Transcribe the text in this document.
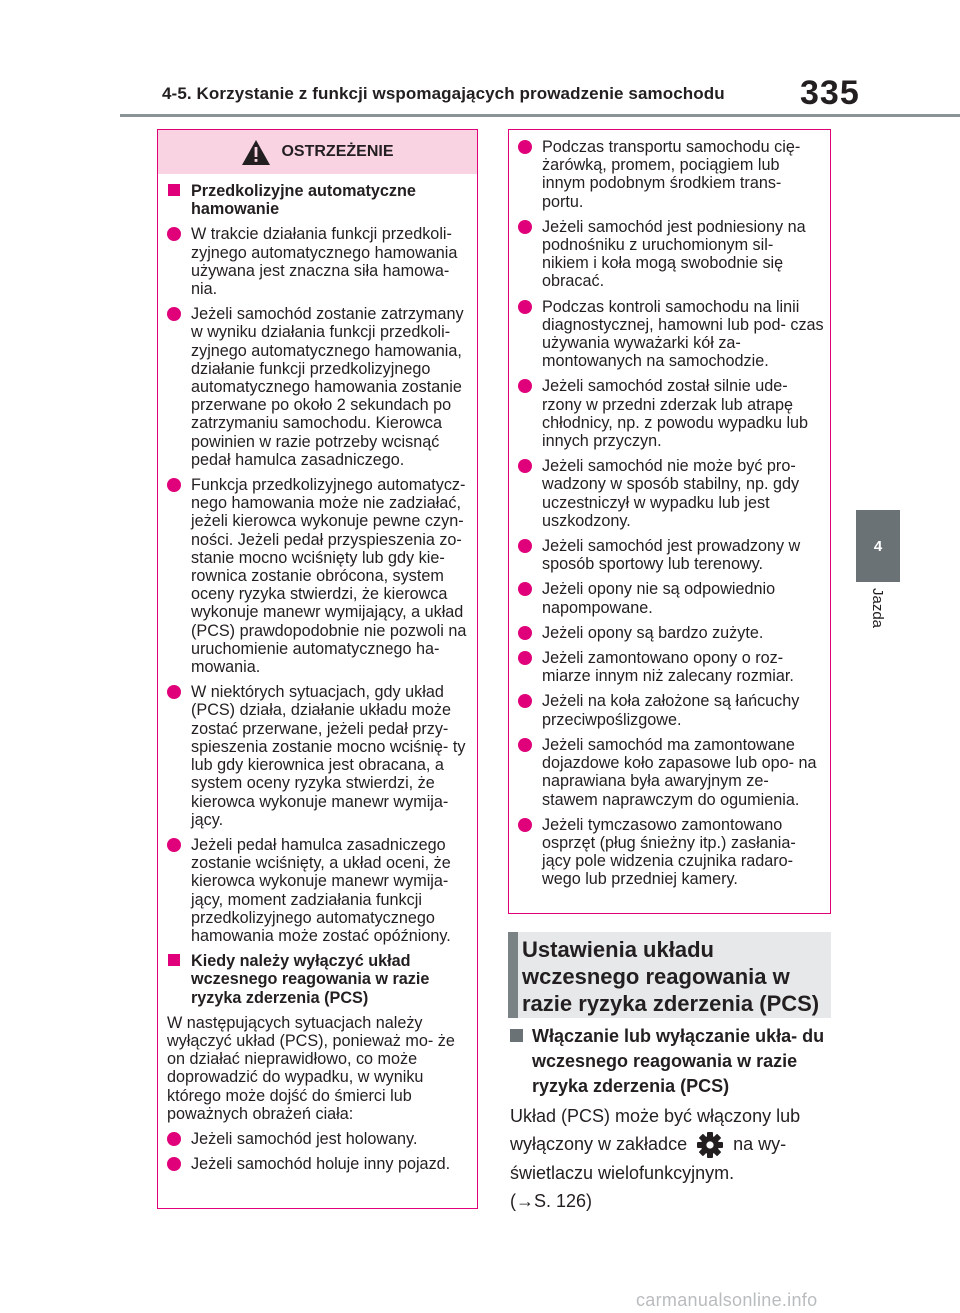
4-5. Korzystanie z funkcji wspomagających prowadzenie samochodu 335
4
Jazda
OSTRZEŻENIE
Przedkolizyjne automatyczne hamowanie
W trakcie działania funkcji przedkoli- zyjnego automatycznego hamowania używana jest znaczna siła hamowa- nia.
Jeżeli samochód zostanie zatrzymany w wyniku działania funkcji przedkoli- zyjnego automatycznego hamowania, działanie funkcji przedkolizyjnego automatycznego hamowania zostanie przerwane po około 2 sekundach po zatrzymaniu samochodu. Kierowca powinien w razie potrzeby wcisnąć pedał hamulca zasadniczego.
Funkcja przedkolizyjnego automatycz- nego hamowania może nie zadziałać, jeżeli kierowca wykonuje pewne czyn- ności. Jeżeli pedał przyspieszenia zo- stanie mocno wciśnięty lub gdy kie- rownica zostanie obrócona, system oceny ryzyka stwierdzi, że kierowca wykonuje manewr wymijający, a układ (PCS) prawdopodobnie nie pozwoli na uruchomienie automatycznego ha- mowania.
W niektórych sytuacjach, gdy układ (PCS) działa, działanie układu może zostać przerwane, jeżeli pedał przy- spieszenia zostanie mocno wciśnię- ty lub gdy kierownica jest obracana, a system oceny ryzyka stwierdzi, że kierowca wykonuje manewr wymija- jący.
Jeżeli pedał hamulca zasadniczego zostanie wciśnięty, a układ oceni, że kierowca wykonuje manewr wymija- jący, moment zadziałania funkcji przedkolizyjnego automatycznego hamowania może zostać opóźniony.
Kiedy należy wyłączyć układ wczesnego reagowania w razie ryzyka zderzenia (PCS)
W następujących sytuacjach należy wyłączyć układ (PCS), ponieważ mo- że on działać nieprawidłowo, co może doprowadzić do wypadku, w wyniku którego może dojść do śmierci lub poważnych obrażeń ciała:
Jeżeli samochód jest holowany.
Jeżeli samochód holuje inny pojazd.
Podczas transportu samochodu cię- żarówką, promem, pociągiem lub innym podobnym środkiem trans- portu.
Jeżeli samochód jest podniesiony na podnośniku z uruchomionym sil- nikiem i koła mogą swobodnie się obracać.
Podczas kontroli samochodu na linii diagnostycznej, hamowni lub pod- czas używania wyważarki kół za- montowanych na samochodzie.
Jeżeli samochód został silnie ude- rzony w przedni zderzak lub atrapę chłodnicy, np. z powodu wypadku lub innych przyczyn.
Jeżeli samochód nie może być pro- wadzony w sposób stabilny, np. gdy uczestniczył w wypadku lub jest uszkodzony.
Jeżeli samochód jest prowadzony w sposób sportowy lub terenowy.
Jeżeli opony nie są odpowiednio napompowane.
Jeżeli opony są bardzo zużyte.
Jeżeli zamontowano opony o roz- miarze innym niż zalecany rozmiar.
Jeżeli na koła założone są łańcuchy przeciwpoślizgowe.
Jeżeli samochód ma zamontowane dojazdowe koło zapasowe lub opo- na naprawiana była awaryjnym ze- stawem naprawczym do ogumienia.
Jeżeli tymczasowo zamontowano osprzęt (pług śnieżny itp.) zasłania- jący pole widzenia czujnika radaro- wego lub przedniej kamery.
Ustawienia układu wczesnego reagowania w razie ryzyka zderzenia (PCS)
Włączanie lub wyłączanie ukła- du wczesnego reagowania w razie ryzyka zderzenia (PCS)
Układ (PCS) może być włączony lub wyłączony w zakładce	na wy- świetlaczu wielofunkcyjnym.
(→S. 126)
carmanualsonline.info
